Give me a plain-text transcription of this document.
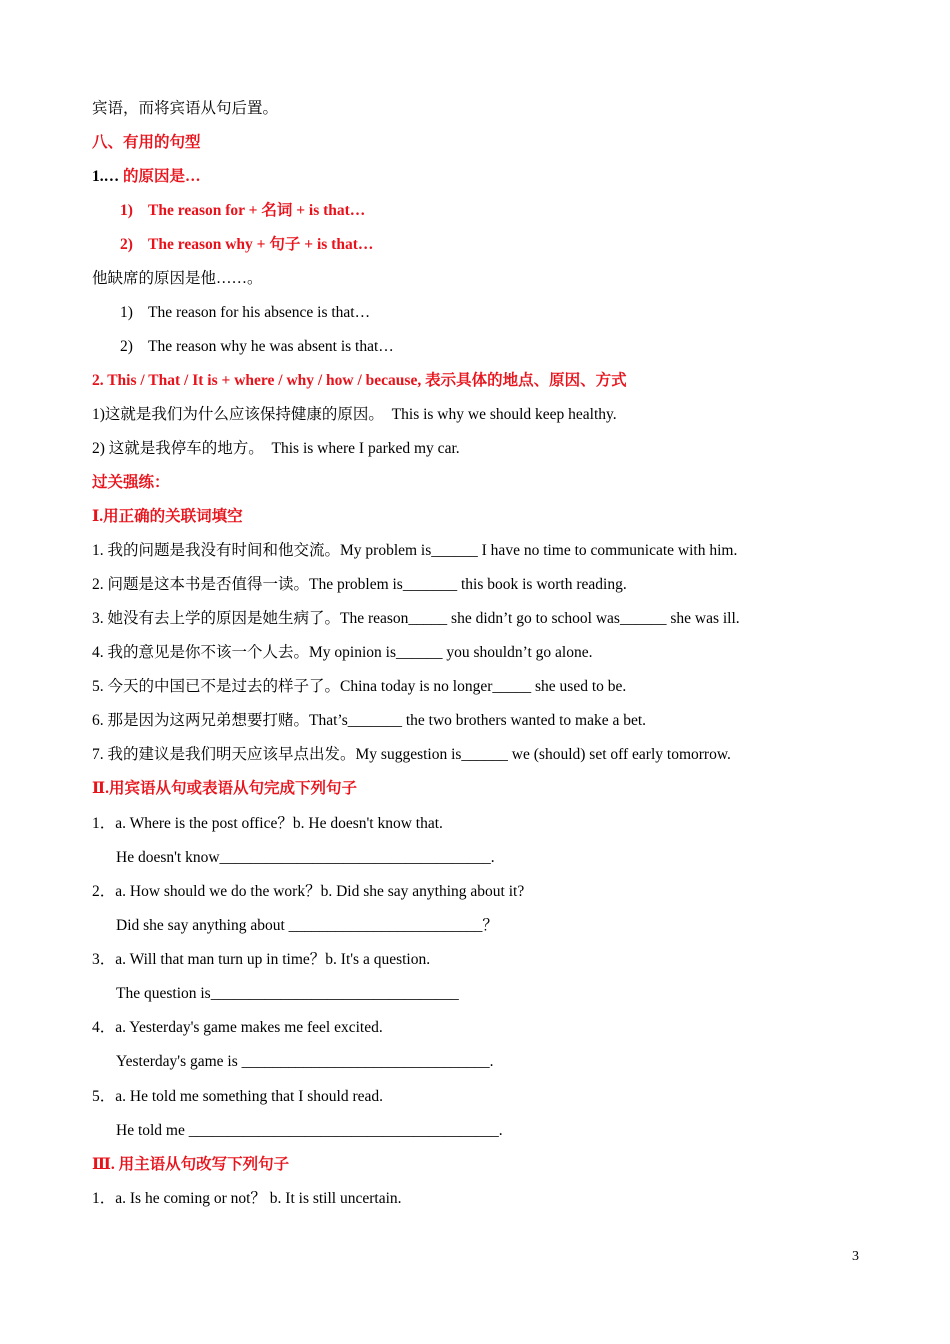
宾语，而将宾语从句后置。
八、有用的句型
1.… 的原因是…
1) The reason for + 名词 + is that…
2) The reason why + 句子 + is that…
他缺席的原因是他……。
1) The reason for his absence is that…
2) The reason why he was absent is that…
2. This / That / It is + where / why / how / because, 表示具体的地点、原因、方式
1)这就是我们为什么应该保持健康的原因。　This is why we should keep healthy.
2) 这就是我停车的地方。　This is where I parked my car.
过关强练：
Ⅰ.用正确的关联词填空
1. 我的问题是我没有时间和他交流。My problem is______ I have no time to communicate with him.
2. 问题是这本书是否值得一读。The problem is_______ this book is worth reading.
3. 她没有去上学的原因是她生病了。The reason_____ she didn’t go to school was______ she was ill.
4. 我的意见是你不该一个人去。My opinion is______ you shouldn’t go alone.
5. 今天的中国已不是过去的样子了。China today is no longer_____ she used to be.
6. 那是因为这两兄弟想要打赌。That’s_______ the two brothers wanted to make a bet.
7. 我的建议是我们明天应该早点出发。My suggestion is______ we (should) set off early tomorrow.
Ⅱ.用宾语从句或表语从句完成下列句子
1．a. Where is the post office？b. He doesn't know that.
He doesn't know___________________________________.
2．a. How should we do the work？b. Did she say anything about it?
Did she say anything about _________________________？
3．a. Will that man turn up in time？b. It's a question.
The question is________________________________
4．a. Yesterday's game makes me feel excited.
Yesterday's game is ________________________________.
5．a. He told me something that I should read.
He told me ________________________________________.
Ⅲ. 用主语从句改写下列句子
1．a. Is he coming or not？ b. It is still uncertain.
3
